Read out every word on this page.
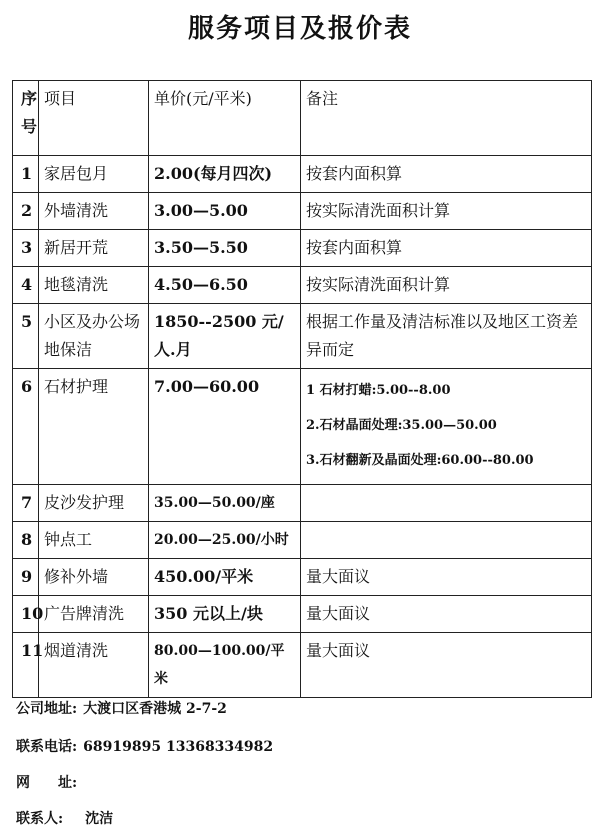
服务项目及报价表
序号	项目	单价(元/平米)	备注
1	家居包月	2.00(每月四次)	按套内面积算
2	外墙清洗	3.00—5.00	按实际清洗面积计算
3	新居开荒	3.50—5.50	按套内面积算
4	地毯清洗	4.50—6.50	按实际清洗面积计算
5	小区及办公场地保洁	1850--2500 元/人.月	根据工作量及清洁标准以及地区工资差异而定
6	石材护理	7.00—60.00	1 石材打蜡:5.00--8.00
2.石材晶面处理:35.00—50.00
3.石材翻新及晶面处理:60.00--80.00

7	皮沙发护理	35.00—50.00/座	
8	钟点工	20.00—25.00/小时	
9	修补外墙	450.00/平米	量大面议
10	广告牌清洗	350 元以上/块	量大面议
11	烟道清洗	80.00—100.00/平米	量大面议
公司地址: 大渡口区香港城 2-7-2
联系电话: 68919895 13368334982
网　　址:
联系人: 沈洁
